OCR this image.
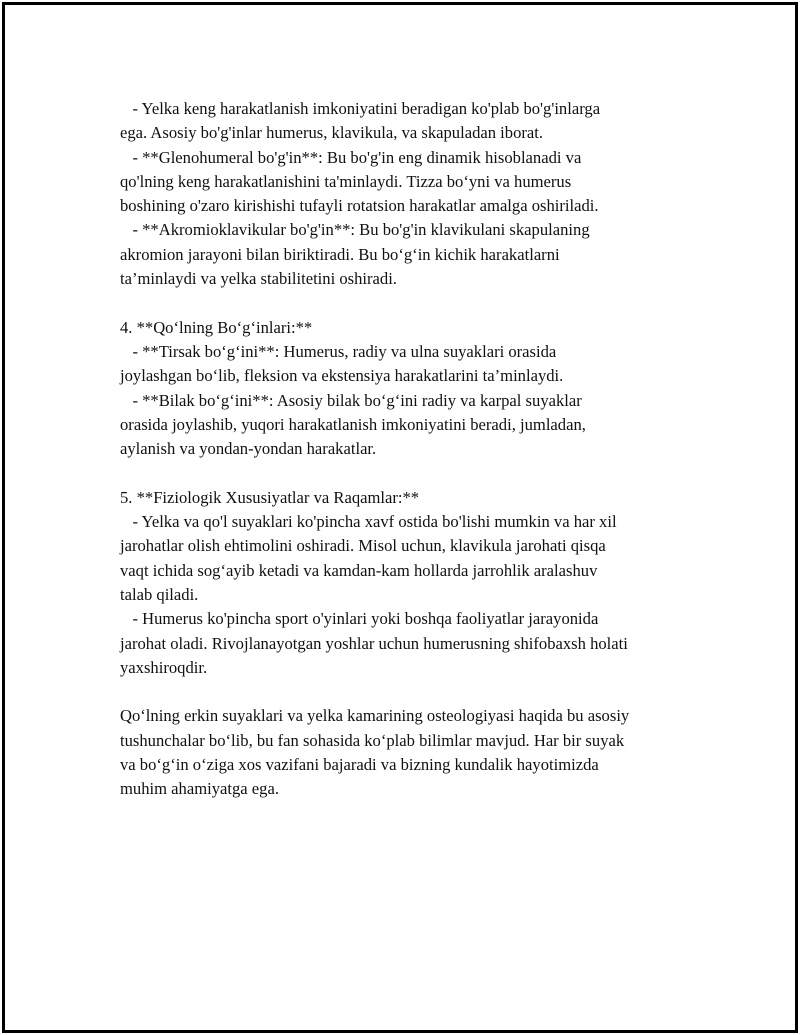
- Yelka keng harakatlanish imkoniyatini beradigan ko'plab bo'g'inlarga
ega. Asosiy bo'g'inlar humerus, klavikula, va skapuladan iborat.
- **Glenohumeral bo'g'in**: Bu bo'g'in eng dinamik hisoblanadi va
qo'lning keng harakatlanishini ta'minlaydi. Tizza boʻyni va humerus
boshining o'zaro kirishishi tufayli rotatsion harakatlar amalga oshiriladi.
- **Akromioklavikular bo'g'in**: Bu bo'g'in klavikulani skapulaning
akromion jarayoni bilan biriktiradi. Bu boʻgʻin kichik harakatlarni
ta’minlaydi va yelka stabilitetini oshiradi.
4. **Qoʻlning Boʻgʻinlari:**
- **Tirsak boʻgʻini**: Humerus, radiy va ulna suyaklari orasida
joylashgan boʻlib, fleksion va ekstensiya harakatlarini ta’minlaydi.
- **Bilak boʻgʻini**: Asosiy bilak boʻgʻini radiy va karpal suyaklar
orasida joylashib, yuqori harakatlanish imkoniyatini beradi, jumladan,
aylanish va yondan-yondan harakatlar.
5. **Fiziologik Xususiyatlar va Raqamlar:**
- Yelka va qo'l suyaklari ko'pincha xavf ostida bo'lishi mumkin va har xil
jarohatlar olish ehtimolini oshiradi. Misol uchun, klavikula jarohati qisqa
vaqt ichida sogʻayib ketadi va kamdan-kam hollarda jarrohlik aralashuv
talab qiladi.
- Humerus ko'pincha sport o'yinlari yoki boshqa faoliyatlar jarayonida
jarohat oladi. Rivojlanayotgan yoshlar uchun humerusning shifobaxsh holati
yaxshiroqdir.
Qoʻlning erkin suyaklari va yelka kamarining osteologiyasi haqida bu asosiy
tushunchalar boʻlib, bu fan sohasida koʻplab bilimlar mavjud. Har bir suyak
va boʻgʻin oʻziga xos vazifani bajaradi va bizning kundalik hayotimizda
muhim ahamiyatga ega.
